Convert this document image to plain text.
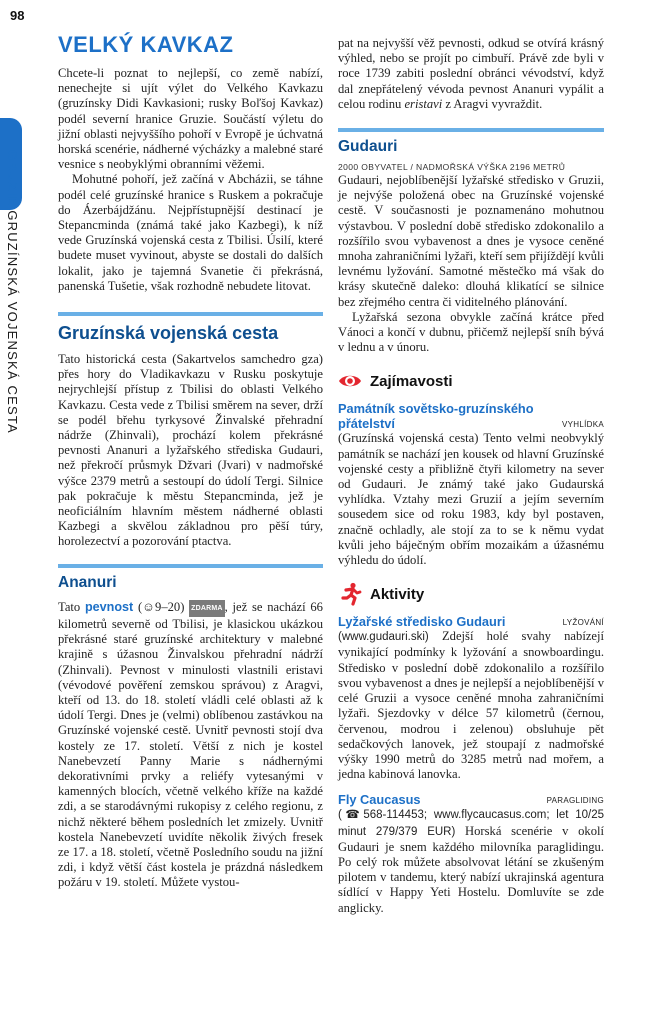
98
GRUZIEGRUZÍNSKÁ VOJENSKÁ CESTA
VELKÝ KAVKAZ

Chcete-li poznat to nejlepší, co země nabízí, nenechejte si ujít výlet do Velkého Kavkazu (gruzínsky Didi Kavkasioni; rusky Boľšoj Kavkaz) podél severní hranice Gruzie. Součástí výletu do jižní oblasti nejvyššího pohoří v Evropě je úchvatná horská scenérie, nádherné výcházky a malebné staré vesnice s neobyklými obranními věžemi.

Mohutné pohoří, jež začíná v Abcházii, se táhne podél celé gruzínské hranice s Ruskem a pokračuje do Ázerbájdžánu. Nejpřístupnější destinací je Stepancminda (známá také jako Kazbegi), k níž vede Gruzínská vojenská cesta z Tbilisi. Úsilí, které budete muset vyvinout, abyste se dostali do dalších lokalit, jako je tajemná Svanetie či překrásná, panenská Tušetie, však rozhodně nebudete litovat.

Gruzínská vojenská cesta

Tato historická cesta (Sakartvelos samchedro gza) přes hory do Vladikavkazu v Rusku poskytuje nejrychlejší přístup z Tbilisi do oblasti Velkého Kavkazu. Cesta vede z Tbilisi směrem na sever, drží se podél břehu tyrkysové Žinvalské přehradní nádrže (Zhinvali), prochází kolem překrásné pevnosti Ananuri a lyžařského střediska Gudauri, než překročí průsmyk Džvari (Jvari) v nadmořské výšce 2379 metrů a sestoupí do údolí Tergi. Silnice pak pokračuje k městu Stepancminda, jež je neoficiálním hlavním městem nádherné oblasti Kazbegi a skvělou základnou pro pěší túry, horolezectví a pozorování ptactva.

Ananuri

Tato pevnost (☺9–20) ZDARMA , jež se nachází 66 kilometrů severně od Tbilisi, je klasickou ukázkou překrásné staré gruzínské architektury v malebné krajině s úžasnou Žinvalskou přehradní nádrží (Zhinvali). Pevnost v minulosti vlastnili eristavi (vévodové pověření zemskou správou) z Aragvi, kteří od 13. do 18. století vládli celé oblasti až k údolí Tergi. Dnes je (velmi) oblíbenou zastávkou na Gruzínské vojenské cestě. Uvnitř pevnosti stojí dva kostely ze 17. století. Větší z nich je kostel Nanebevzetí Panny Marie s nádhernými dekorativními prvky a reliéfy vytesanými v kamenných blocích, včetně velkého kříže na každé zdi, a se starodávnými rukopisy z celého regionu, z nichž některé během posledních let zmizely. Uvnitř kostela Nanebevzetí uvidíte několik živých fresek ze 17. a 18. století, včetně Posledního soudu na jižní zdi, i když větší část kostela je prázdná následkem požáru v 19. století. Můžete vystou-

pat na nejvyšší věž pevnosti, odkud se otvírá krásný výhled, nebo se projít po cimbuří. Právě zde byli v roce 1739 zabiti poslední obránci vévodství, když dal znepřátelený vévoda pevnost Ananuri vypálit a celou rodinu eristavi z Aragvi vyvraždit.

Gudauri
2000 OBYVATEL / NADMOŘSKÁ VÝŠKA 2196 METRŮ

Gudauri, nejoblíbenější lyžařské středisko v Gruzii, je nejvýše položená obec na Gruzínské vojenské cestě. V současnosti je poznamenáno mohutnou výstavbou. V poslední době středisko zdokonalilo a rozšířilo svou vybavenost a dnes je vysoce ceněné mnoha zahraničními lyžaři, kteří sem přijíždějí kvůli levnému lyžování. Samotné městečko má však do krásy skutečně daleko: dlouhá klikatící se silnice bez zřejmého centra či viditelného plánování.

Lyžařská sezona obvykle začíná krátce před Vánoci a končí v dubnu, přičemž nejlepší sníh bývá v lednu a v únoru.

Zajímavosti
Památník sovětsko-gruzínského přátelství	VYHLÍDKA

(Gruzínská vojenská cesta) Tento velmi neobvyklý památník se nachází jen kousek od hlavní Gruzínské vojenské cesty a přibližně čtyři kilometry na sever od Gudauri. Je známý také jako Gudaurská vyhlídka. Vztahy mezi Gruzií a jejím severním sousedem sice od roku 1983, kdy byl postaven, značně ochladly, ale stojí za to se k němu vydat kvůli jeho báječným obřím mozaikám a úžasnému výhledu do údolí.

Aktivity
Lyžařské středisko Gudauri	LYŽOVÁNÍ

(www.gudauri.ski) Zdejší holé svahy nabízejí vynikající podmínky k lyžování a snowboardingu. Středisko v poslední době zdokonalilo a rozšířilo svou vybavenost a dnes je nejlepší a nejoblíbenější v celé Gruzii a vysoce ceněné mnoha zahraničními lyžaři. Sjezdovky v délce 57 kilometrů (černou, červenou, modrou i zelenou) obsluhuje pět sedačkových lanovek, jež stoupají z nadmořské výšky 1990 metrů do 3285 metrů nad mořem, a jedna kabinová lanovka.

Fly Caucasus	PARAGLIDING

(☎568-114453; www.flycaucasus.com; let 10/25 minut 279/379 EUR) Horská scenérie v okolí Gudauri je snem každého milovníka paraglidingu. Po celý rok můžete absolvovat létání se zkušeným pilotem v tandemu, který nabízí ukrajinská agentura sídlící v Happy Yeti Hostelu. Domluvíte se zde anglicky.
